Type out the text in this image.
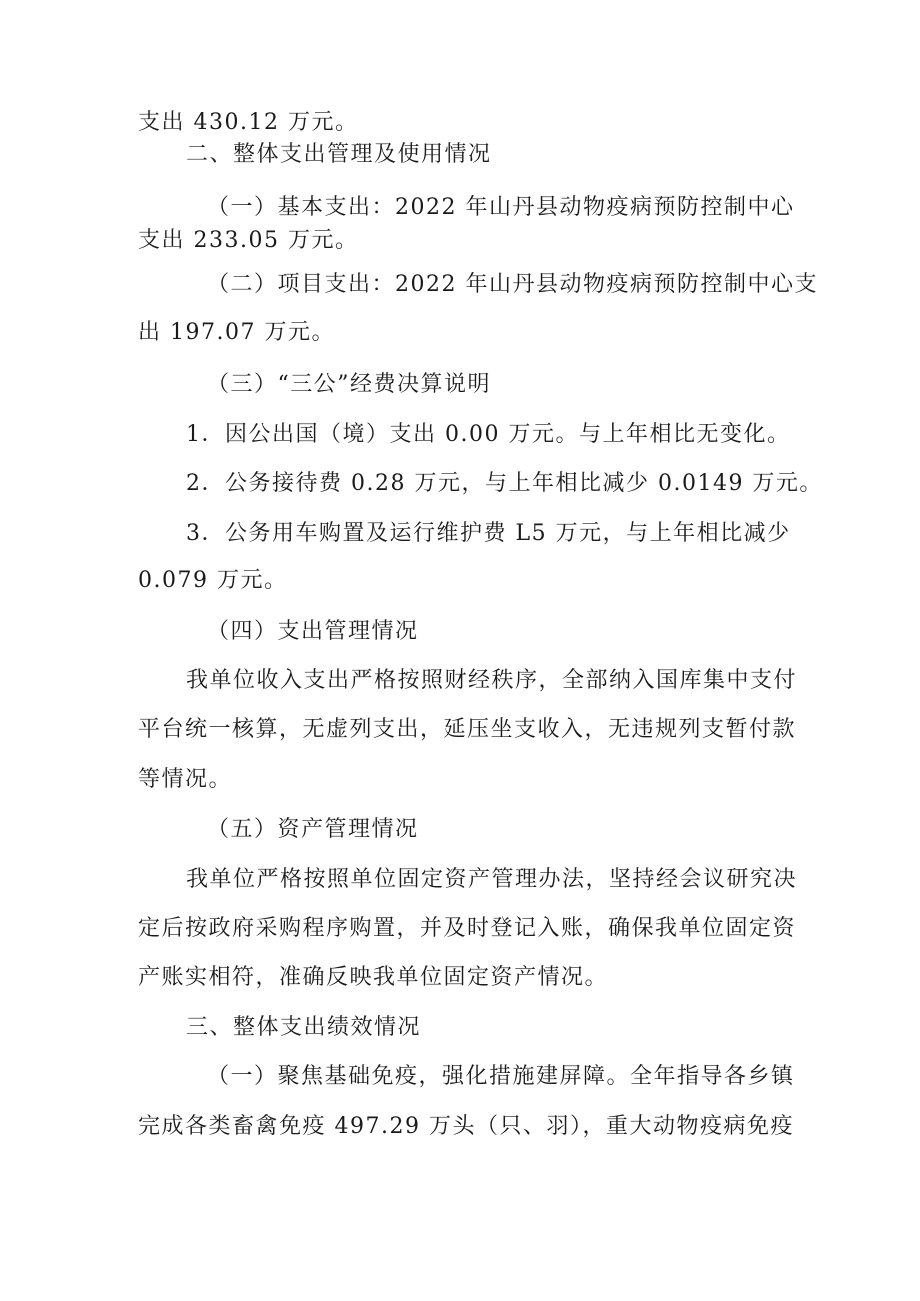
支出 430.12 万元。
二、整体支出管理及使用情况
（一）基本支出：2022 年山丹县动物疫病预防控制中心
支出 233.05 万元。
（二）项目支出：2022 年山丹县动物疫病预防控制中心支
出 197.07 万元。
（三）“三公”经费决算说明
1．因公出国（境）支出 0.00 万元。与上年相比无变化。
2．公务接待费 0.28 万元，与上年相比减少 0.0149 万元。
3．公务用车购置及运行维护费 L5 万元，与上年相比减少
0.079 万元。
（四）支出管理情况
我单位收入支出严格按照财经秩序，全部纳入国库集中支付
平台统一核算，无虚列支出，延压坐支收入，无违规列支暂付款
等情况。
（五）资产管理情况
我单位严格按照单位固定资产管理办法，坚持经会议研究决
定后按政府采购程序购置，并及时登记入账，确保我单位固定资
产账实相符，准确反映我单位固定资产情况。
三、整体支出绩效情况
（一）聚焦基础免疫，强化措施建屏障。全年指导各乡镇
完成各类畜禽免疫 497.29 万头（只、羽），重大动物疫病免疫
